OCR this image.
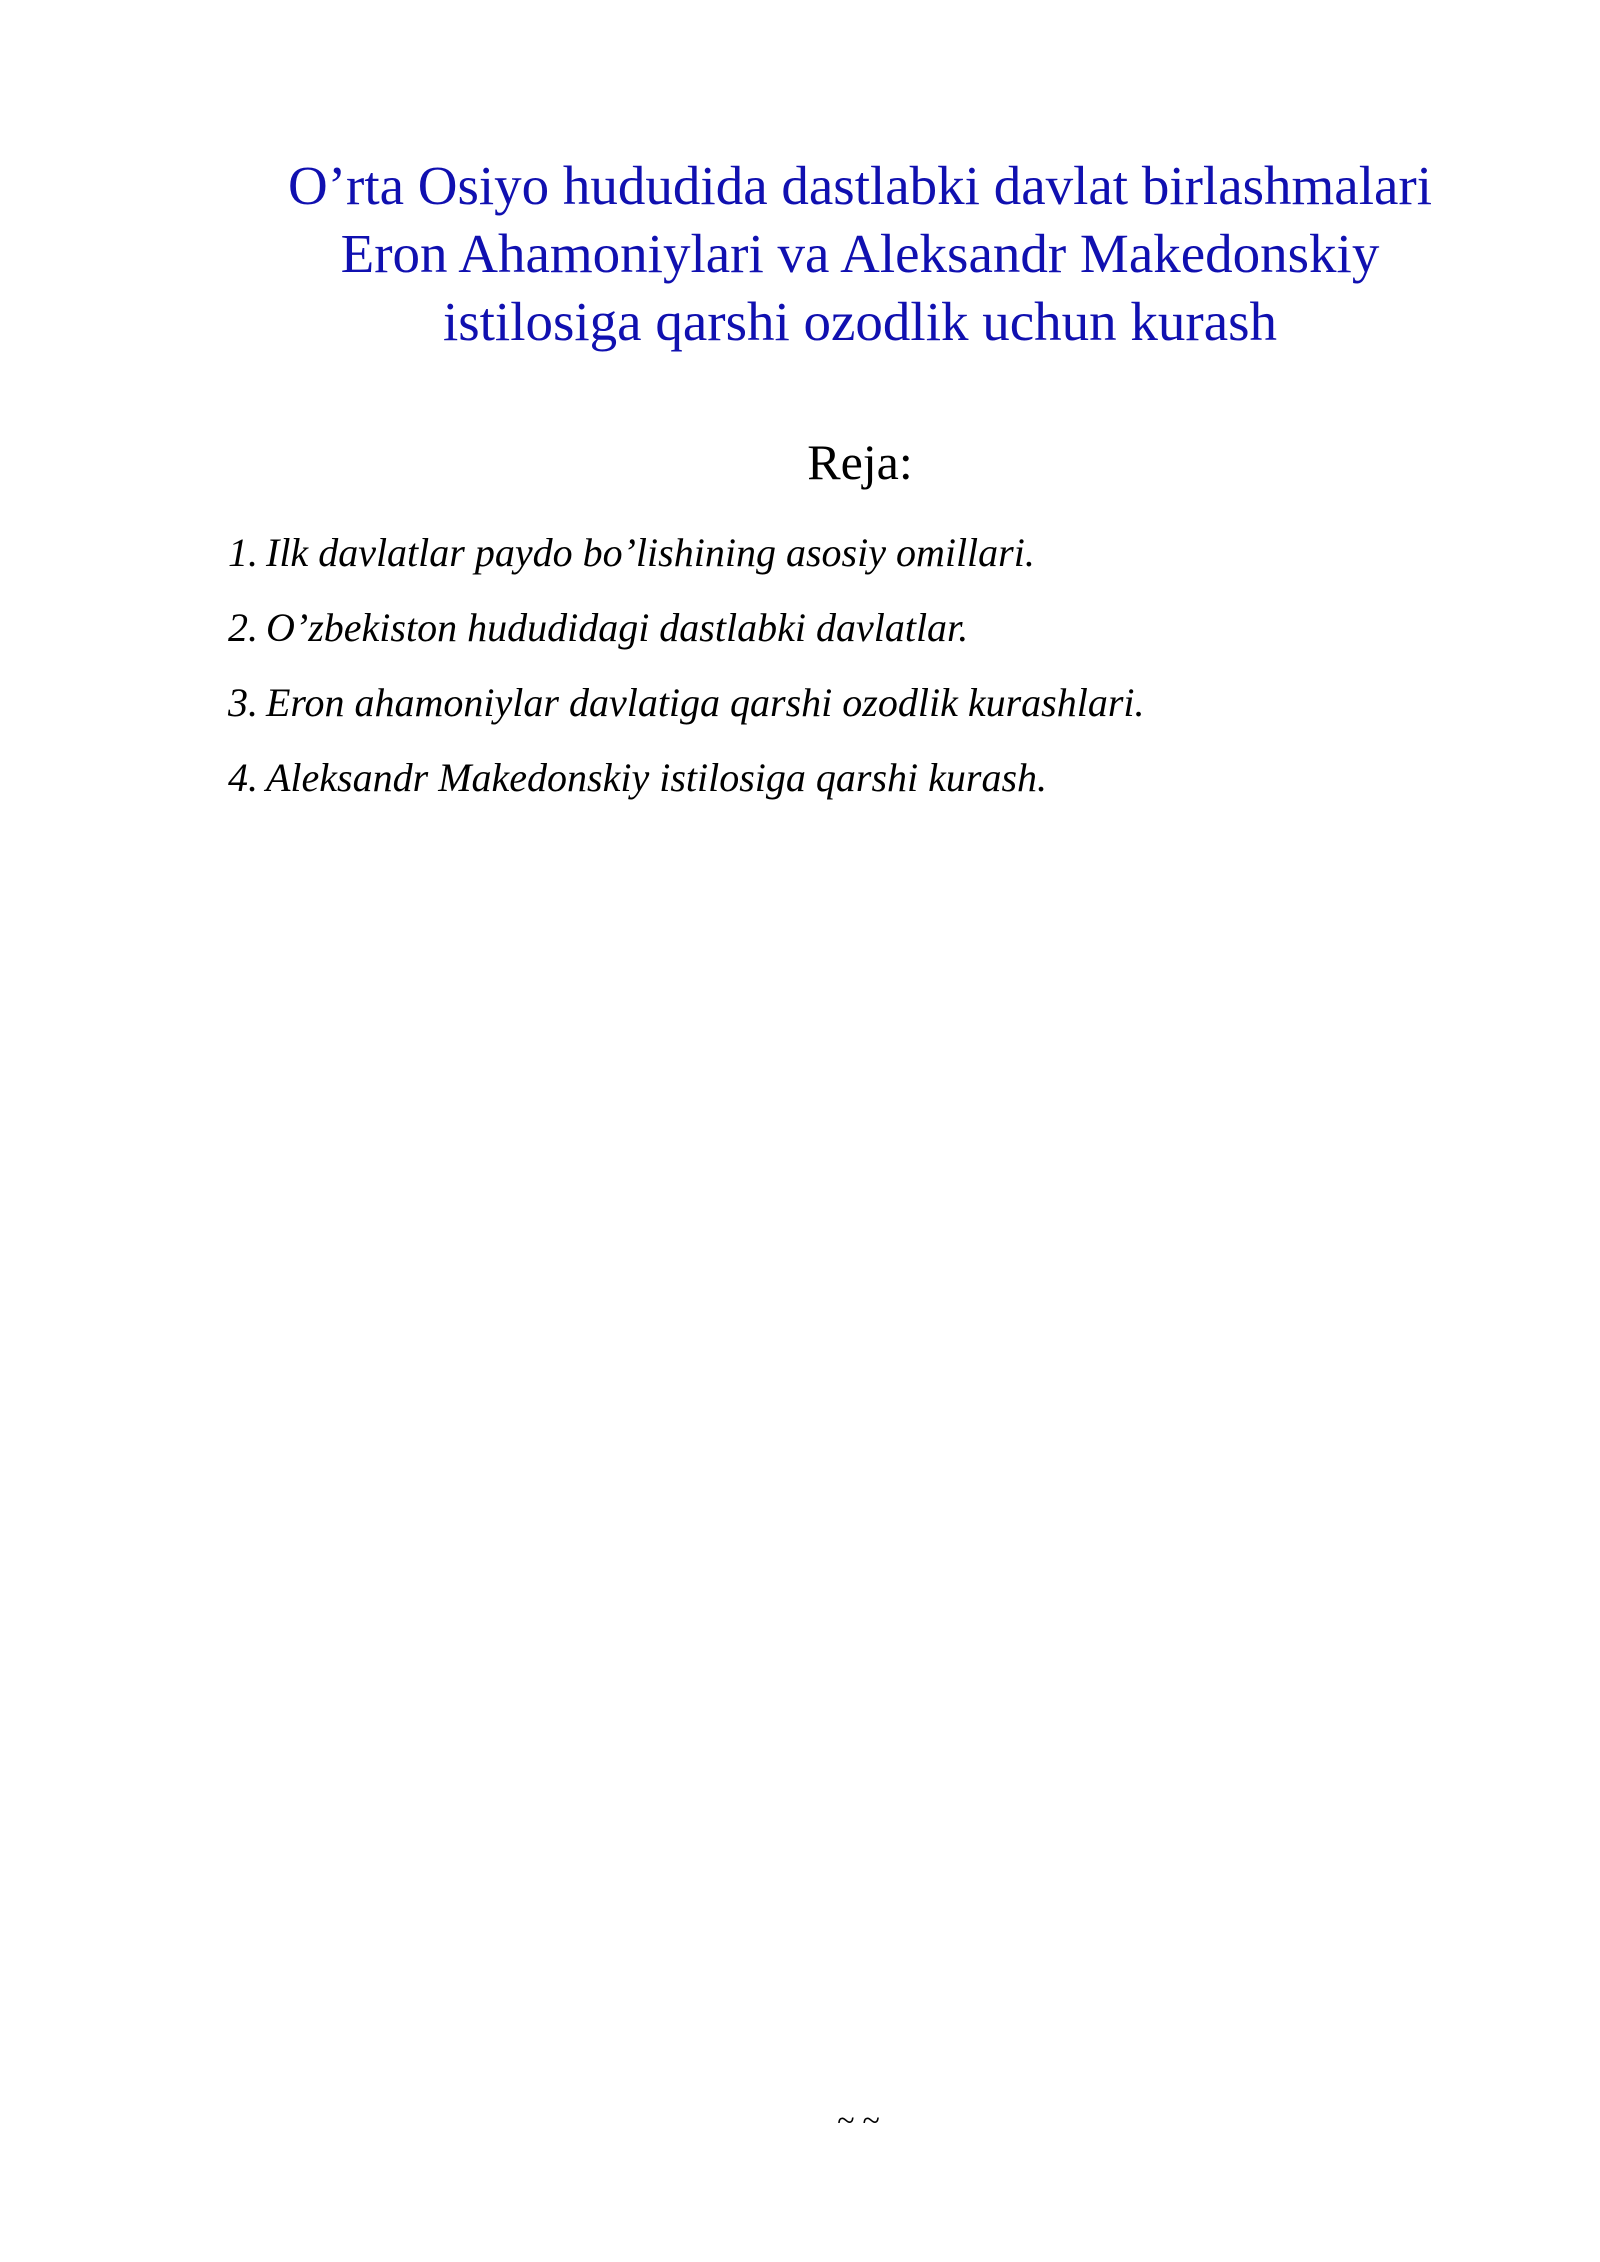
O’rta Osiyo hududida dastlabki davlat birlashmalari
Eron Ahamoniylari va Aleksandr Makedonskiy
istilosiga qarshi ozodlik uchun kurash
Reja:
1. Ilk davlatlar paydo bo’lishining asosiy omillari.
2. O’zbekiston hududidagi dastlabki davlatlar.
3. Eron ahamoniylar davlatiga qarshi ozodlik kurashlari.
4. Aleksandr Makedonskiy istilosiga qarshi kurash.
~ ~
